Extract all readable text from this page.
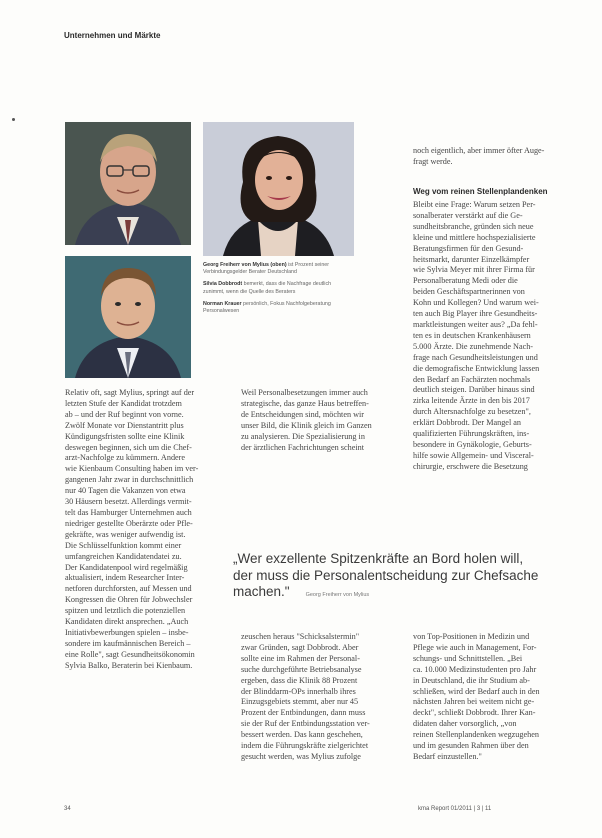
Unternehmen und Märkte

Georg Freiherr von Mylius (oben) ist Prozent seiner Verbindungsgelder Berater Deutschland

Silvia Dobbrodt bemerkt, dass die Nachfrage deutlich zunimmt, wenn die Quelle des Beraters

Norman Krauer persönlich, Fokus Nachfolgeberatung Personalwesen

Relativ oft, sagt Mylius, springt auf der
letzten Stufe der Kandidat trotzdem
ab – und der Ruf beginnt von vorne.
Zwölf Monate vor Dienstantritt plus
Kündigungsfristen sollte eine Klinik
deswegen beginnen, sich um die Chef-
arzt-Nachfolge zu kümmern. Andere
wie Kienbaum Consulting haben im ver-
gangenen Jahr zwar in durchschnittlich
nur 40 Tagen die Vakanzen von etwa
30 Häusern besetzt. Allerdings vermit-
telt das Hamburger Unternehmen auch
niedriger gestellte Oberärzte oder Pfle-
gekräfte, was weniger aufwendig ist.
Die Schlüsselfunktion kommt einer
umfangreichen Kandidatendatei zu.
Der Kandidatenpool wird regelmäßig
aktualisiert, indem Researcher Inter-
netforen durchforsten, auf Messen und
Kongressen die Ohren für Jobwechsler
spitzen und letztlich die potenziellen
Kandidaten direkt ansprechen. „Auch
Initiativbewerbungen spielen – insbe-
sondere im kaufmännischen Bereich –
eine Rolle", sagt Gesundheitsökonomin
Sylvia Balko, Beraterin bei Kienbaum.
Weil Personalbesetzungen immer auch
strategische, das ganze Haus betreffen-
de Entscheidungen sind, möchten wir
unser Bild, die Klinik gleich im Ganzen
zu analysieren. Die Spezialisierung in
der ärztlichen Fachrichtungen scheint
„Wer exzellente Spitzenkräfte an Bord holen will,
der muss die Personalentscheidung zur Chefsache
machen."	Georg Freiherr von Mylius
zeuschen heraus "Schicksalstermin"
zwar Gründen, sagt Dobbrodt. Aber
sollte eine im Rahmen der Personal-
suche durchgeführte Betriebsanalyse
ergeben, dass die Klinik 88 Prozent
der Blinddarm-OPs innerhalb ihres
Einzugsgebiets stemmt, aber nur 45
Prozent der Entbindungen, dann muss
sie der Ruf der Entbindungsstation ver-
bessert werden. Das kann geschehen,
indem die Führungskräfte zielgerichtet
gesucht werden, was Mylius zufolge
noch eigentlich, aber immer öfter Auge-
fragt werde.
Weg vom reinen Stellenplandenken
Bleibt eine Frage: Warum setzen Per-
sonalberater verstärkt auf die Ge-
sundheitsbranche, gründen sich neue
kleine und mittlere hochspezialisierte
Beratungsfirmen für den Gesund-
heitsmarkt, darunter Einzelkämpfer
wie Sylvia Meyer mit ihrer Firma für
Personalberatung Medi oder die
beiden Geschäftspartnerinnen von
Kohn und Kollegen? Und warum wei-
ten auch Big Player ihre Gesundheits-
marktleistungen weiter aus? „Da fehl-
ten es in deutschen Krankenhäusern
5.000 Ärzte. Die zunehmende Nach-
frage nach Gesundheitsleistungen und
die demografische Entwicklung lassen
den Bedarf an Fachärzten nochmals
deutlich steigen. Darüber hinaus sind
zirka leitende Ärzte in den bis 2017
durch Altersnachfolge zu besetzen",
erklärt Dobbrodt. Der Mangel an
qualifizierten Führungskräften, ins-
besondere in Gynäkologie, Geburts-
hilfe sowie Allgemein- und Visceral-
chirurgie, erschwere die Besetzung
von Top-Positionen in Medizin und
Pflege wie auch in Management, For-
schungs- und Schnittstellen. „Bei
ca. 10.000 Medizinstudenten pro Jahr
in Deutschland, die ihr Studium ab-
schließen, wird der Bedarf auch in den
nächsten Jahren bei weitem nicht ge-
deckt", schließt Dobbrodt. Ihrer Kan-
didaten daher vorsorglich, „von
reinen Stellenplandenken wegzugehen
und im gesunden Rahmen über den
Bedarf einzustellen."
34	kma Report 01/2011 | 3 | 11
